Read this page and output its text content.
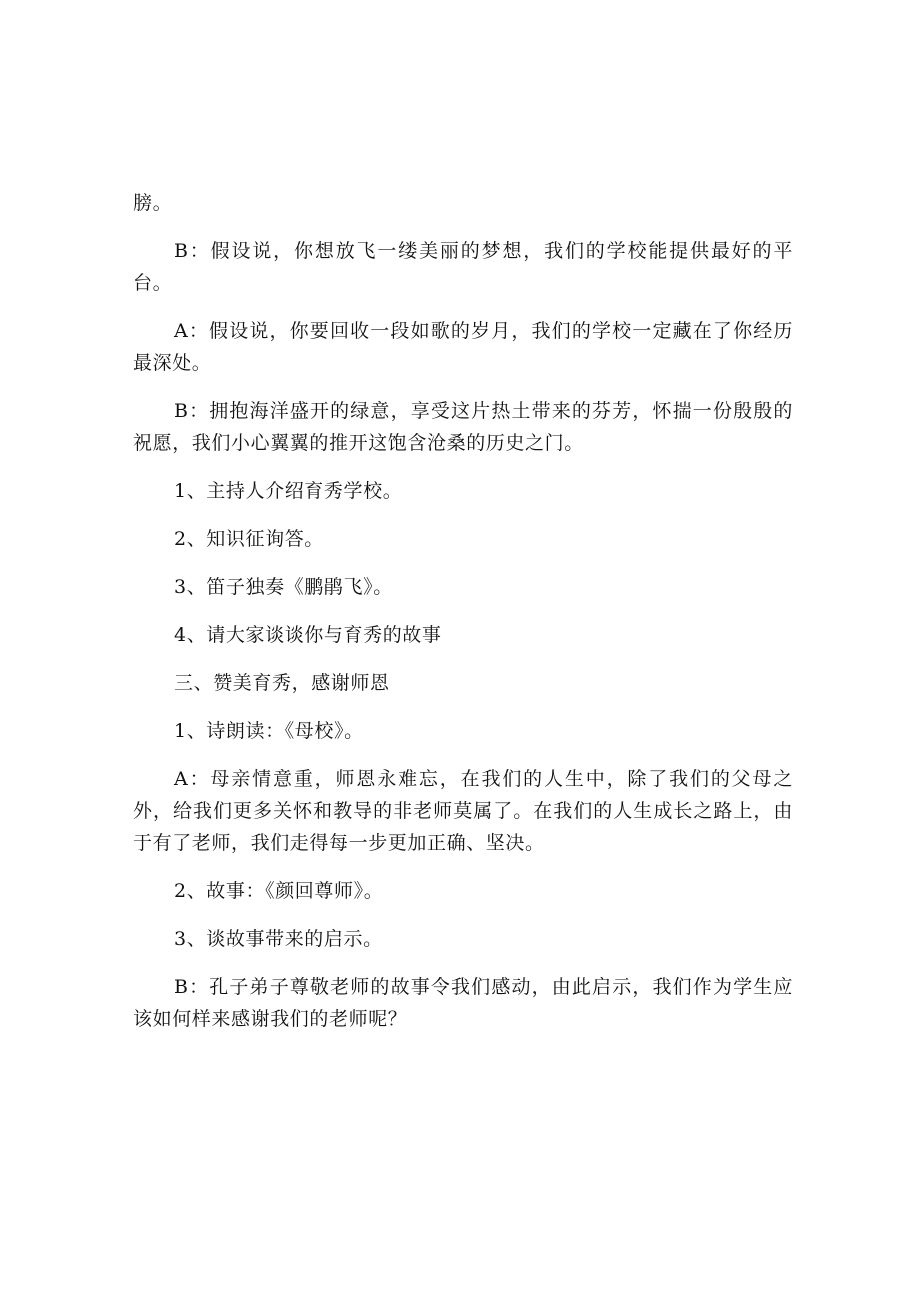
膀。

B：假设说，你想放飞一缕美丽的梦想，我们的学校能提供最好的平台。

A：假设说，你要回收一段如歌的岁月，我们的学校一定藏在了你经历最深处。

B：拥抱海洋盛开的绿意，享受这片热土带来的芬芳，怀揣一份殷殷的祝愿，我们小心翼翼的推开这饱含沧桑的历史之门。

1、主持人介绍育秀学校。

2、知识征询答。

3、笛子独奏《鹏鹃飞》。

4、请大家谈谈你与育秀的故事

三、赞美育秀，感谢师恩

1、诗朗读：《母校》。

A：母亲情意重，师恩永难忘，在我们的人生中，除了我们的父母之外，给我们更多关怀和教导的非老师莫属了。在我们的人生成长之路上，由于有了老师，我们走得每一步更加正确、坚决。

2、故事：《颜回尊师》。

3、谈故事带来的启示。

B：孔子弟子尊敬老师的故事令我们感动，由此启示，我们作为学生应该如何样来感谢我们的老师呢？
